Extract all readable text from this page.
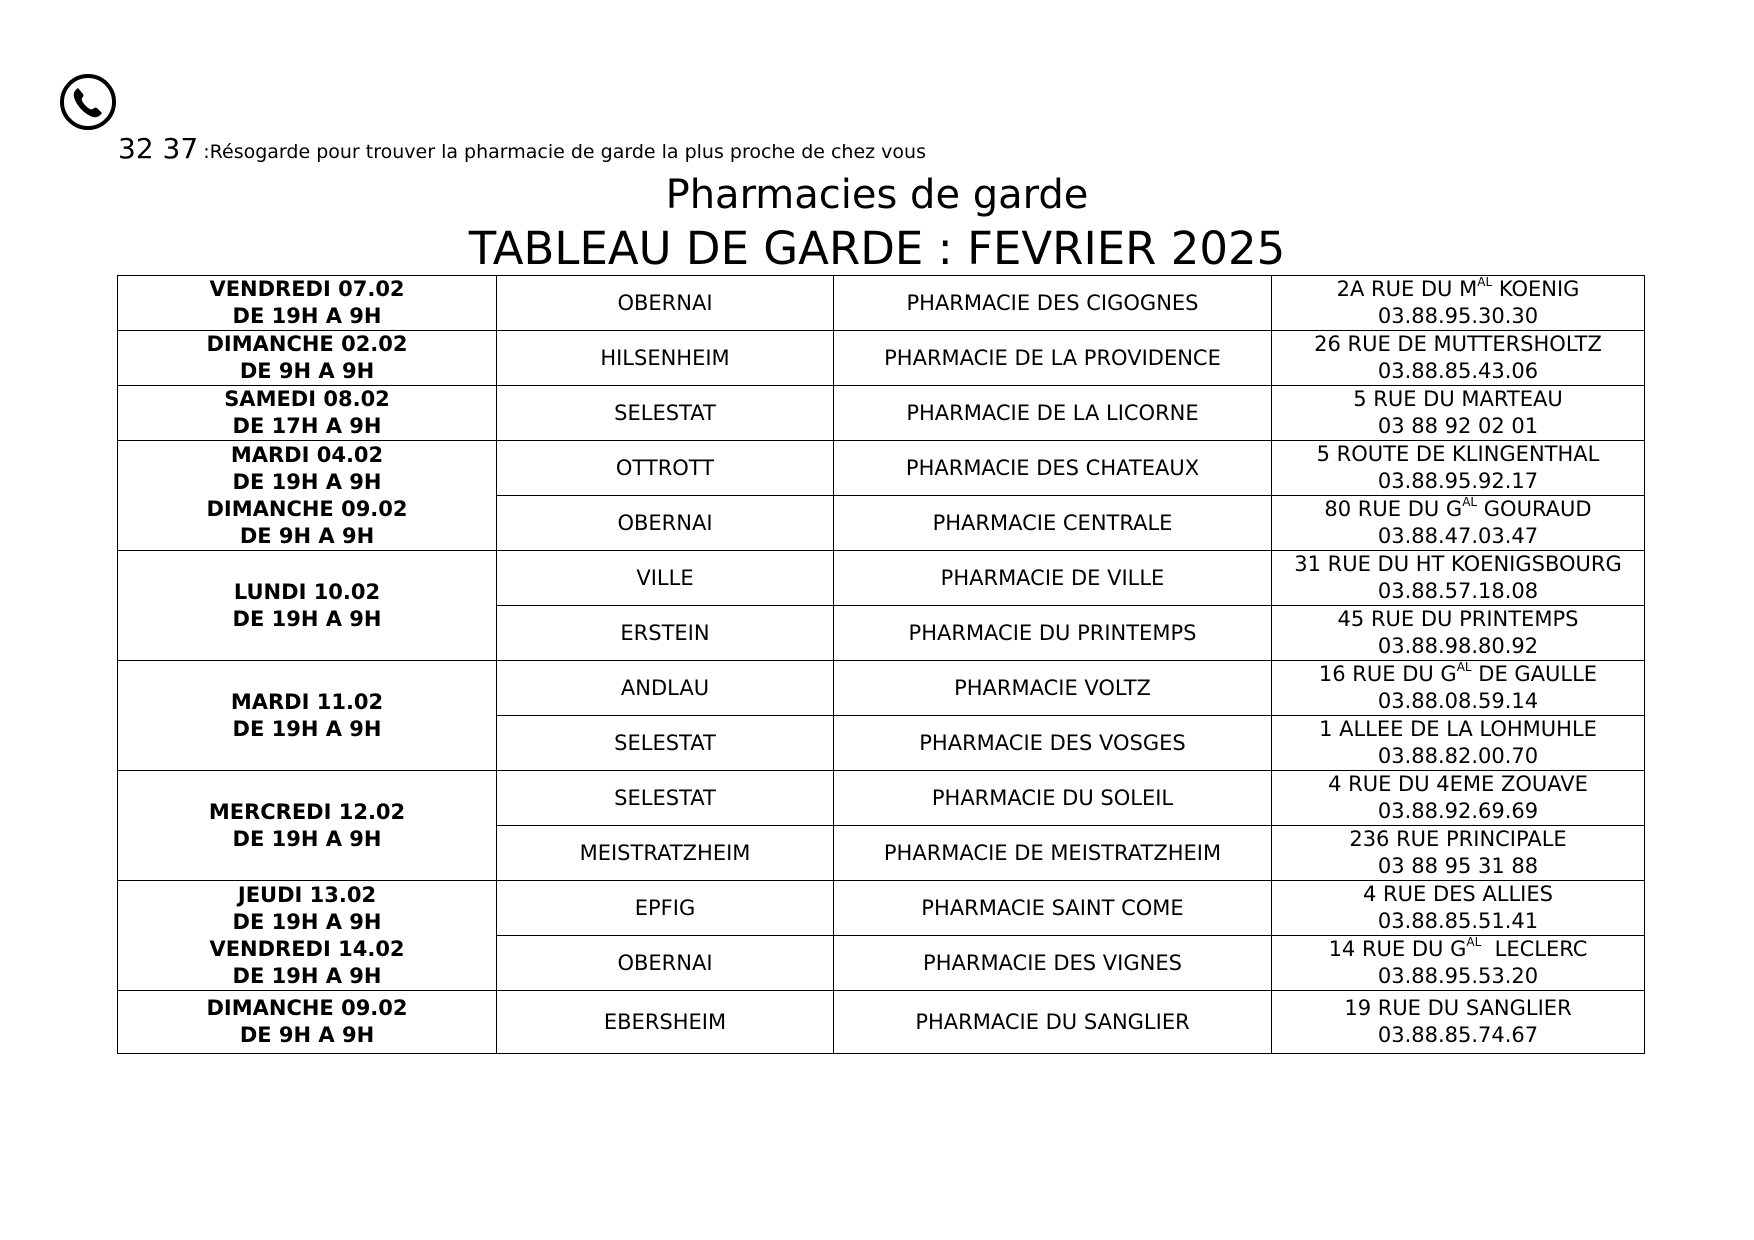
32 37 :Résogarde pour trouver la pharmacie de garde la plus proche de chez vous
Pharmacies de garde
TABLEAU DE GARDE : FEVRIER 2025
VENDREDI 07.02
DE 19H A 9H	OBERNAI	PHARMACIE DES CIGOGNES	2A RUE DU $M^{AL}$ KOENIG
03.88.95.30.30

DIMANCHE 02.02
DE 9H A 9H	HILSENHEIM	PHARMACIE DE LA PROVIDENCE	26 RUE DE MUTTERSHOLTZ
03.88.85.43.06

SAMEDI 08.02
DE 17H A 9H	SELESTAT	PHARMACIE DE LA LICORNE	5 RUE DU MARTEAU
03 88 92 02 01

MARDI 04.02
DE 19H A 9H
DIMANCHE 09.02
DE 9H A 9H	OTTROTT	PHARMACIE DES CHATEAUX	5 ROUTE DE KLINGENTHAL
03.88.95.92.17

	OBERNAI	PHARMACIE CENTRALE	80 RUE DU $G^{AL}$ GOURAUD
03.88.47.03.47

LUNDI 10.02
DE 19H A 9H	VILLE	PHARMACIE DE VILLE	31 RUE DU HT KOENIGSBOURG
03.88.57.18.08

	ERSTEIN	PHARMACIE DU PRINTEMPS	45 RUE DU PRINTEMPS
03.88.98.80.92

MARDI 11.02
DE 19H A 9H	ANDLAU	PHARMACIE VOLTZ	16 RUE DU $G^{AL}$ DE GAULLE
03.88.08.59.14

	SELESTAT	PHARMACIE DES VOSGES	1 ALLEE DE LA LOHMUHLE
03.88.82.00.70

MERCREDI 12.02
DE 19H A 9H	SELESTAT	PHARMACIE DU SOLEIL	4 RUE DU 4EME ZOUAVE
03.88.92.69.69

	MEISTRATZHEIM	PHARMACIE DE MEISTRATZHEIM	236 RUE PRINCIPALE
03 88 95 31 88

JEUDI 13.02
DE 19H A 9H
VENDREDI 14.02
DE 19H A 9H	EPFIG	PHARMACIE SAINT COME	4 RUE DES ALLIES
03.88.85.51.41

	OBERNAI	PHARMACIE DES VIGNES	14 RUE DU $G^{AL}$  LECLERC
03.88.95.53.20

DIMANCHE 09.02
DE 9H A 9H	EBERSHEIM	PHARMACIE DU SANGLIER	19 RUE DU SANGLIER
03.88.85.74.67
